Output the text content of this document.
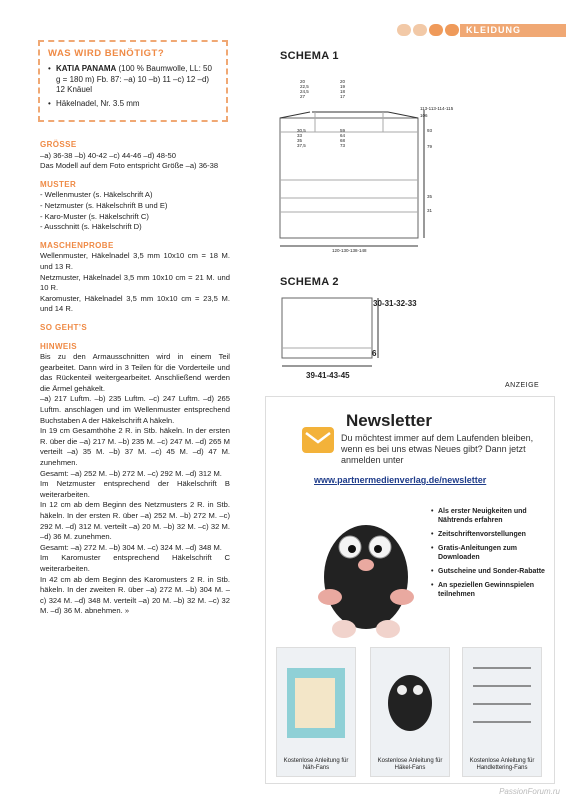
KLEIDUNG
WAS WIRD BENÖTIGT?
• KATIA PANAMA (100 % Baumwolle, LL: 50 g = 180 m) Fb. 87: –a) 10 –b) 11 –c) 12 –d) 12 Knäuel
• Häkelnadel, Nr. 3.5 mm
GRÖSSE

–a) 36-38 –b) 40-42 –c) 44-46 –d) 48-50

Das Modell auf dem Foto entspricht Größe –a) 36-38

MUSTER

- Wellenmuster (s. Häkelschrift A)

- Netzmuster (s. Häkelschrift B und E)

- Karo-Muster (s. Häkelschrift C)

- Ausschnitt (s. Häkelschrift D)

MASCHENPROBE

Wellenmuster, Häkelnadel 3,5 mm 10x10 cm = 18 M. und 13 R.

Netzmuster, Häkelnadel 3,5 mm 10x10 cm = 21 M. und 10 R.

Karomuster, Häkelnadel 3,5 mm 10x10 cm = 23,5 M. und 14 R.

SO GEHT’S
HINWEIS

Bis zu den Armausschnitten wird in einem Teil gearbeitet. Dann wird in 3 Teilen für die Vorderteile und das Rückenteil weitergearbeitet. Anschließend werden die Ärmel gehäkelt.

–a) 217 Luftm. –b) 235 Luftm. –c) 247 Luftm. –d) 265 Luftm. anschlagen und im Wellenmuster entsprechend Buchstaben A der Häkelschrift A häkeln.

In 19 cm Gesamthöhe 2 R. in Stb. häkeln. In der ersten R. über die –a) 217 M. –b) 235 M. –c) 247 M. –d) 265 M verteilt –a) 35 M. –b) 37 M. –c) 45 M. –d) 47 M. zunehmen.

Gesamt: –a) 252 M. –b) 272 M. –c) 292 M. –d) 312 M.

Im Netzmuster entsprechend der Häkelschrift B weiterarbeiten.

In 12 cm ab dem Beginn des Netzmusters 2 R. in Stb. häkeln. In der ersten R. über –a) 252 M. –b) 272 M. –c) 292 M. –d) 312 M. verteilt –a) 20 M. –b) 32 M. –c) 32 M. –d) 36 M. zunehmen.

Gesamt: –a) 272 M. –b) 304 M. –c) 324 M. –d) 348 M.

Im Karomuster entsprechend Häkelschrift C weiterarbeiten.

In 42 cm ab dem Beginn des Karomusters 2 R. in Stb. häkeln. In der zweiten R. über –a) 272 M. –b) 304 M. –c) 324 M. –d) 348 M. verteilt –a) 20 M. –b) 32 M. –c) 32 M. –d) 36 M. abnehmen. »

SCHEMA 1
20
22,5
24,5
27
20
19
18
17
113-113-114-115
106
30,5
33
35
37,5
59
64
68
73
93
79
35
31
120-130-138-148
SCHEMA 2
30-31-32-33
6
39-41-43-45
ANZEIGE
Newsletter
Du möchtest immer auf dem Laufenden bleiben, wenn es bei uns etwas Neues gibt? Dann jetzt anmelden unter
www.partnermedienverlag.de/newsletter
• Als erster Neuigkeiten und Nähtrends erfahren
• Zeitschriftenvorstellungen
• Gratis-Anleitungen zum Downloaden
• Gutscheine und Sonder-Rabatte
• An speziellen Gewinnspielen teilnehmen
Kostenlose Anleitung für Näh-Fans
Kostenlose Anleitung für Häkel-Fans
Kostenlose Anleitung für Handlettering-Fans
PassionForum.ru
